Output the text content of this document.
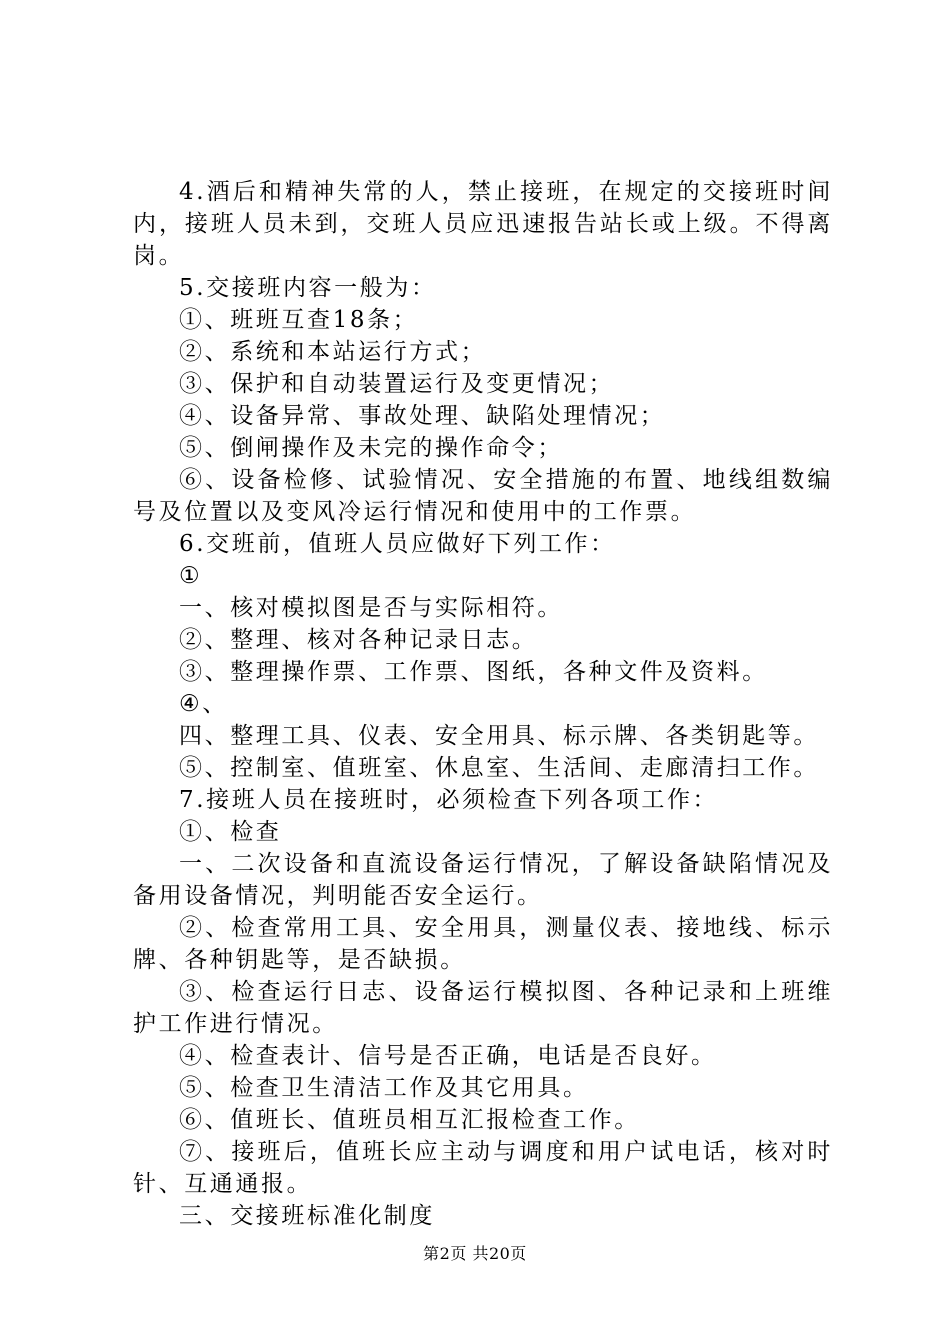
4.酒后和精神失常的人，禁止接班，在规定的交接班时间内，接班人员未到，交班人员应迅速报告站长或上级。不得离岗。

5.交接班内容一般为：

①、班班互查18条；

②、系统和本站运行方式；

③、保护和自动装置运行及变更情况；

④、设备异常、事故处理、缺陷处理情况；

⑤、倒闸操作及未完的操作命令；

⑥、设备检修、试验情况、安全措施的布置、地线组数编号及位置以及变风冷运行情况和使用中的工作票。

6.交班前，值班人员应做好下列工作：

①

一、核对模拟图是否与实际相符。

②、整理、核对各种记录日志。

③、整理操作票、工作票、图纸，各种文件及资料。

④、

四、整理工具、仪表、安全用具、标示牌、各类钥匙等。

⑤、控制室、值班室、休息室、生活间、走廊清扫工作。

7.接班人员在接班时，必须检查下列各项工作：

①、检查

一、二次设备和直流设备运行情况，了解设备缺陷情况及备用设备情况，判明能否安全运行。

②、检查常用工具、安全用具，测量仪表、接地线、标示牌、各种钥匙等，是否缺损。

③、检查运行日志、设备运行模拟图、各种记录和上班维护工作进行情况。

④、检查表计、信号是否正确，电话是否良好。

⑤、检查卫生清洁工作及其它用具。

⑥、值班长、值班员相互汇报检查工作。

⑦、接班后，值班长应主动与调度和用户试电话，核对时针、互通通报。

三、交接班标准化制度

第2页 共20页
